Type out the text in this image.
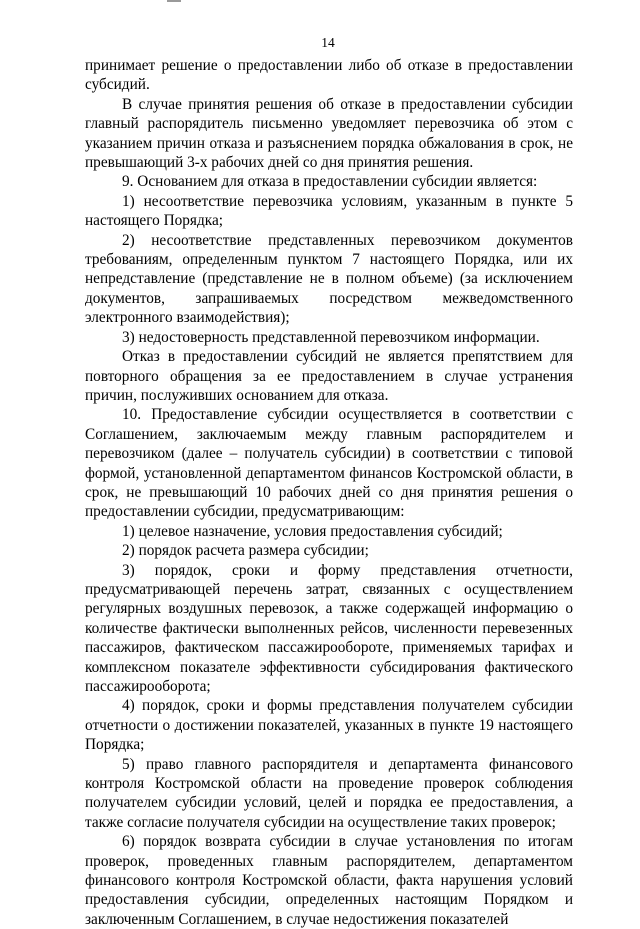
14

принимает решение о предоставлении либо об отказе в предоставлении субсидий.

В случае принятия решения об отказе в предоставлении субсидии главный распорядитель письменно уведомляет перевозчика об этом с указанием причин отказа и разъяснением порядка обжалования в срок, не превышающий 3-х рабочих дней со дня принятия решения.

9. Основанием для отказа в предоставлении субсидии является:

1) несоответствие перевозчика условиям, указанным в пункте 5 настоящего Порядка;

2) несоответствие представленных перевозчиком документов требованиям, определенным пунктом 7 настоящего Порядка, или их непредставление (представление не в полном объеме) (за исключением документов, запрашиваемых посредством межведомственного электронного взаимодействия);

3) недостоверность представленной перевозчиком информации.

Отказ в предоставлении субсидий не является препятствием для повторного обращения за ее предоставлением в случае устранения причин, послуживших основанием для отказа.

10. Предоставление субсидии осуществляется в соответствии с Соглашением, заключаемым между главным распорядителем и перевозчиком (далее – получатель субсидии) в соответствии с типовой формой, установленной департаментом финансов Костромской области, в срок, не превышающий 10 рабочих дней со дня принятия решения о предоставлении субсидии, предусматривающим:

1) целевое назначение, условия предоставления субсидий;

2) порядок расчета размера субсидии;

3) порядок, сроки и форму представления отчетности, предусматривающей перечень затрат, связанных с осуществлением регулярных воздушных перевозок, а также содержащей информацию о количестве фактически выполненных рейсов, численности перевезенных пассажиров, фактическом пассажирообороте, применяемых тарифах и комплексном показателе эффективности субсидирования фактического пассажирооборота;

4) порядок, сроки и формы представления получателем субсидии отчетности о достижении показателей, указанных в пункте 19 настоящего Порядка;

5) право главного распорядителя и департамента финансового контроля Костромской области на проведение проверок соблюдения получателем субсидии условий, целей и порядка ее предоставления, а также согласие получателя субсидии на осуществление таких проверок;

6) порядок возврата субсидии в случае установления по итогам проверок, проведенных главным распорядителем, департаментом финансового контроля Костромской области, факта нарушения условий предоставления субсидии, определенных настоящим Порядком и заключенным Соглашением, в случае недостижения показателей
